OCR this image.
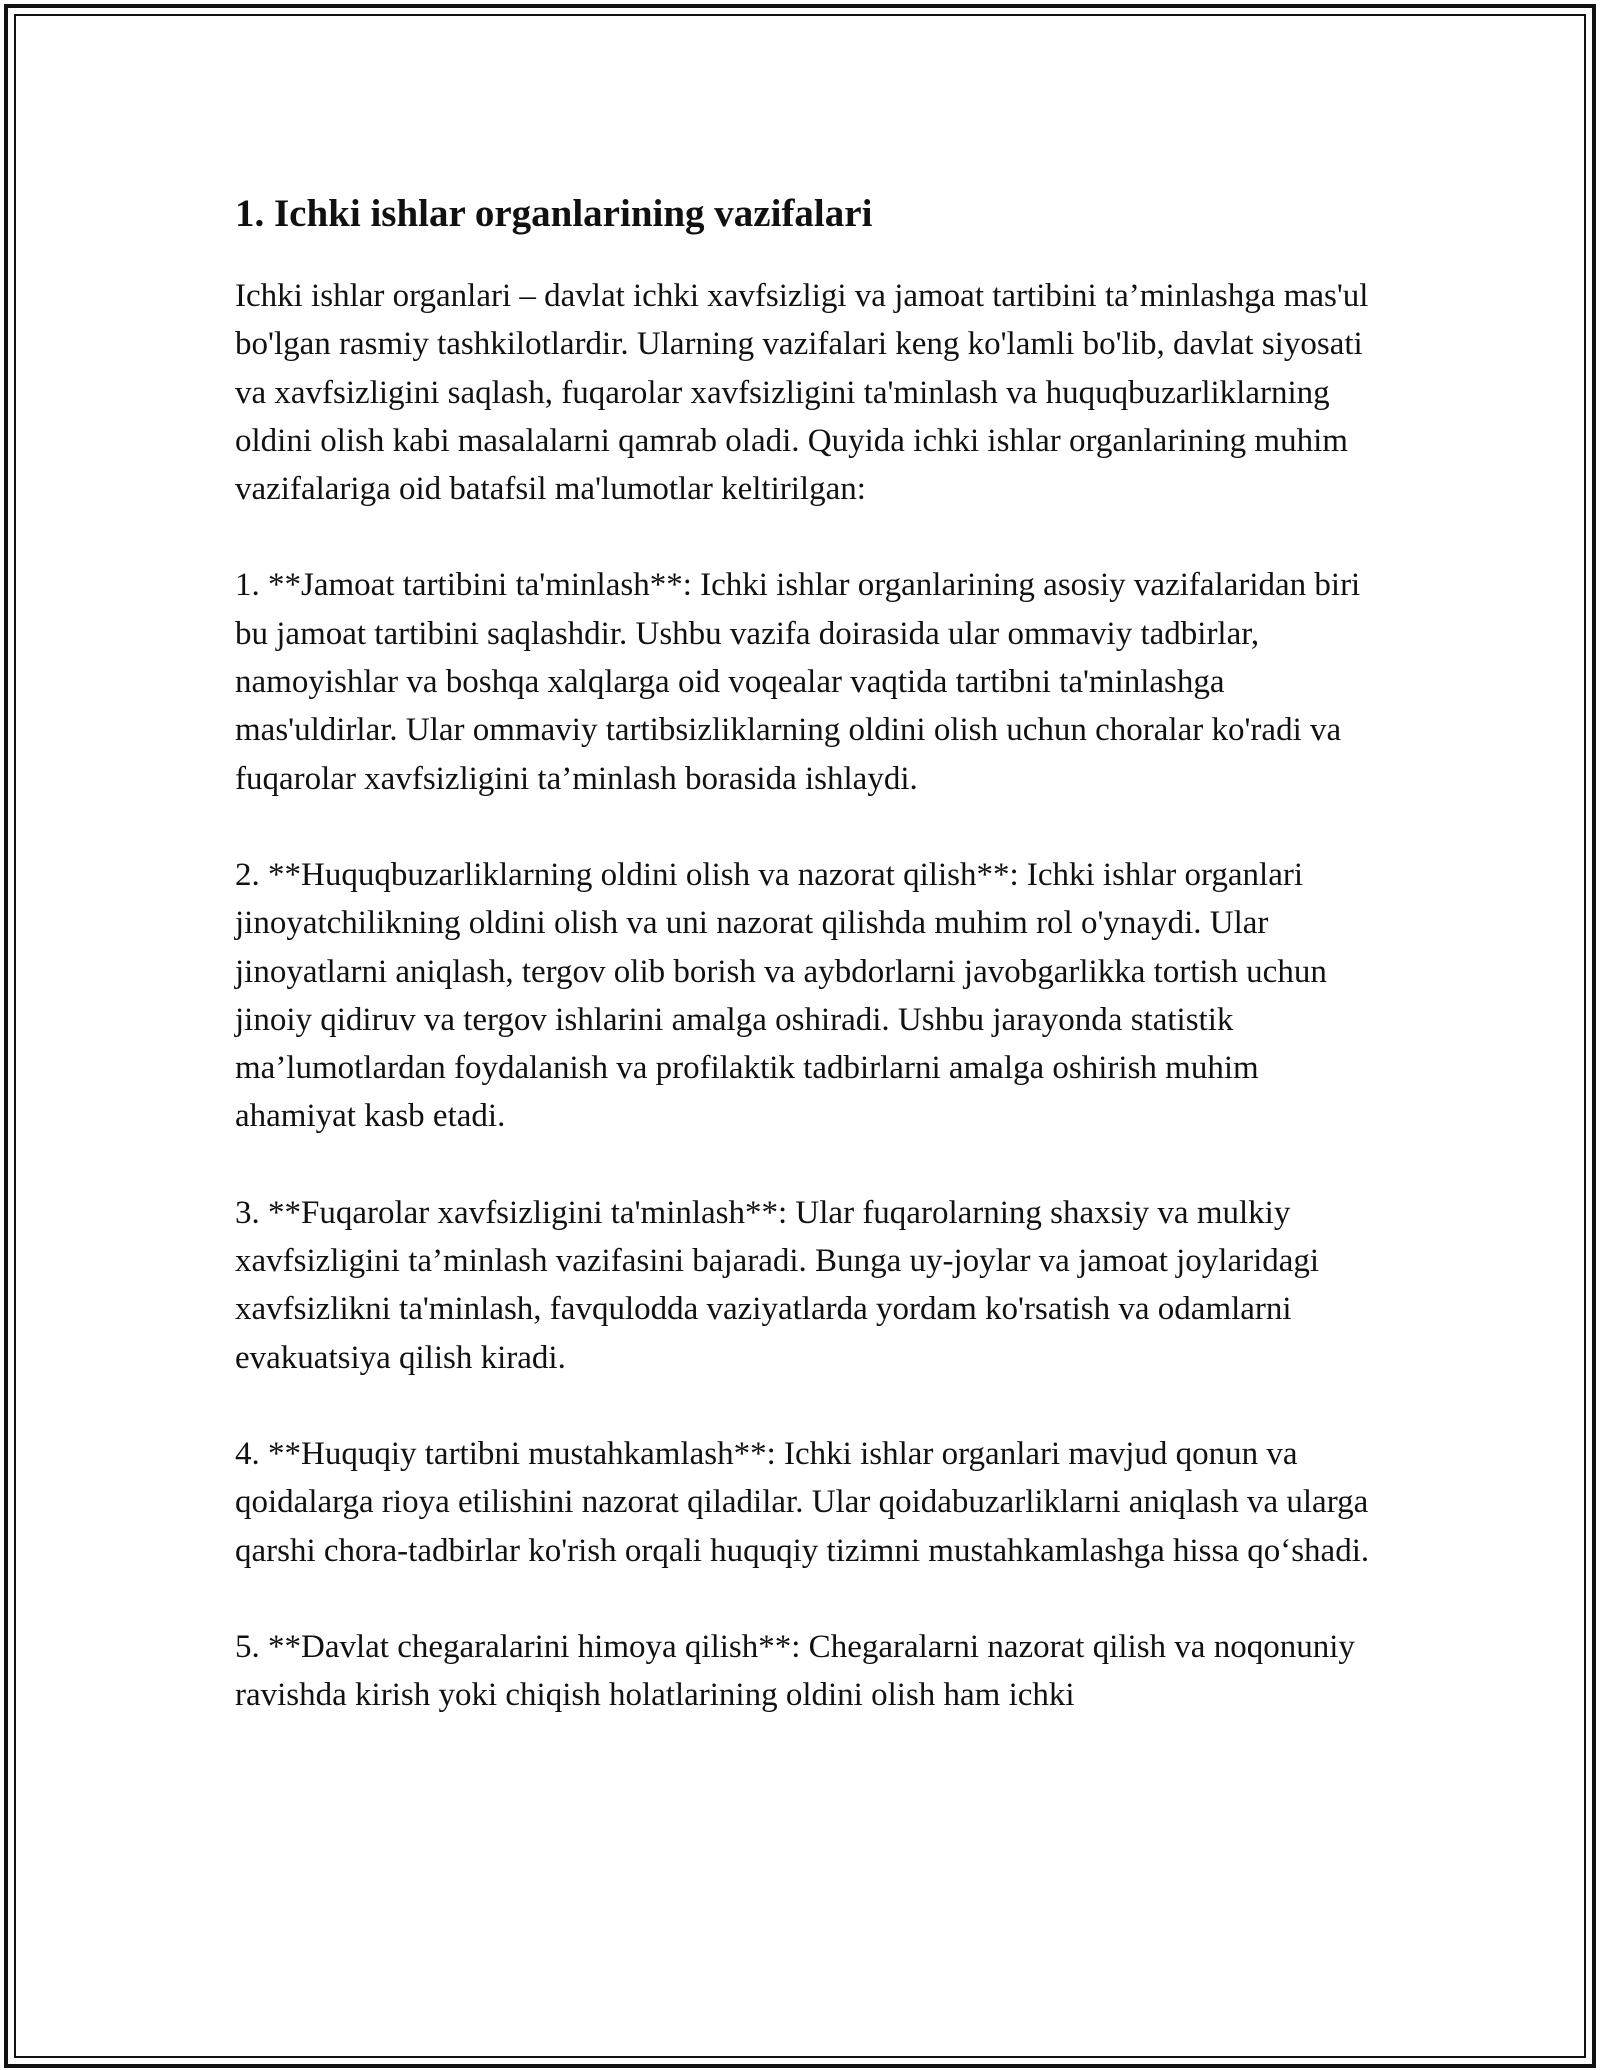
1. Ichki ishlar organlarining vazifalari

Ichki ishlar organlari – davlat ichki xavfsizligi va jamoat tartibini ta’minlashga mas'ul bo'lgan rasmiy tashkilotlardir. Ularning vazifalari keng ko'lamli bo'lib, davlat siyosati va xavfsizligini saqlash, fuqarolar xavfsizligini ta'minlash va huquqbuzarliklarning oldini olish kabi masalalarni qamrab oladi. Quyida ichki ishlar organlarining muhim vazifalariga oid batafsil ma'lumotlar keltirilgan:

1. **Jamoat tartibini ta'minlash**: Ichki ishlar organlarining asosiy vazifalaridan biri bu jamoat tartibini saqlashdir. Ushbu vazifa doirasida ular ommaviy tadbirlar, namoyishlar va boshqa xalqlarga oid voqealar vaqtida tartibni ta'minlashga mas'uldirlar. Ular ommaviy tartibsizliklarning oldini olish uchun choralar ko'radi va fuqarolar xavfsizligini ta’minlash borasida ishlaydi.

2. **Huquqbuzarliklarning oldini olish va nazorat qilish**: Ichki ishlar organlari jinoyatchilikning oldini olish va uni nazorat qilishda muhim rol o'ynaydi. Ular jinoyatlarni aniqlash, tergov olib borish va aybdorlarni javobgarlikka tortish uchun jinoiy qidiruv va tergov ishlarini amalga oshiradi. Ushbu jarayonda statistik ma’lumotlardan foydalanish va profilaktik tadbirlarni amalga oshirish muhim ahamiyat kasb etadi.

3. **Fuqarolar xavfsizligini ta'minlash**: Ular fuqarolarning shaxsiy va mulkiy xavfsizligini ta’minlash vazifasini bajaradi. Bunga uy-joylar va jamoat joylaridagi xavfsizlikni ta'minlash, favqulodda vaziyatlarda yordam ko'rsatish va odamlarni evakuatsiya qilish kiradi.

4. **Huquqiy tartibni mustahkamlash**: Ichki ishlar organlari mavjud qonun va qoidalarga rioya etilishini nazorat qiladilar. Ular qoidabuzarliklarni aniqlash va ularga qarshi chora-tadbirlar ko'rish orqali huquqiy tizimni mustahkamlashga hissa qo‘shadi.

5. **Davlat chegaralarini himoya qilish**: Chegaralarni nazorat qilish va noqonuniy ravishda kirish yoki chiqish holatlarining oldini olish ham ichki
